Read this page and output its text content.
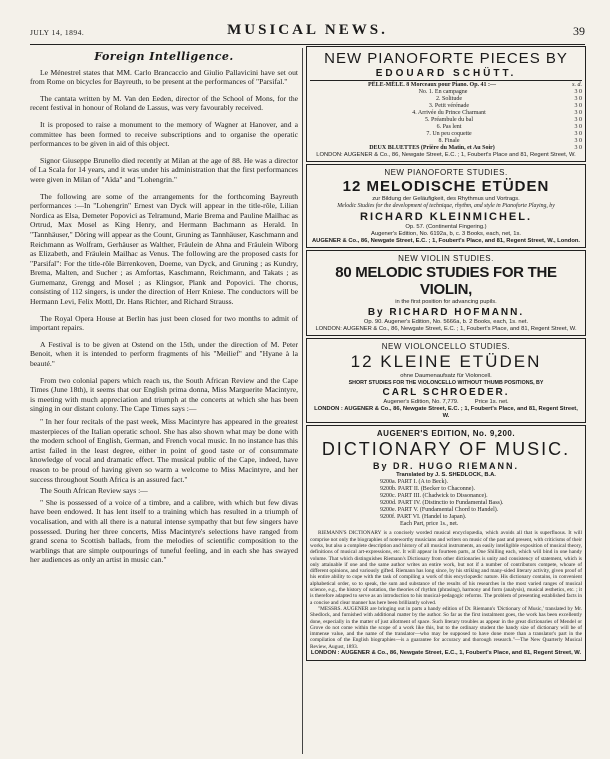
JULY 14, 1894.	MUSICAL NEWS.	39
Foreign Intelligence.

Le Ménestrel states that MM. Carlo Brancaccio and Giulio Pallavicini have set out from Rome on bicycles for Bayreuth, to be present at the performances of "Parsifal."

The cantata written by M. Van den Eeden, director of the School of Mons, for the recent festival in honour of Roland de Lassus, was very favourably received.

It is proposed to raise a monument to the memory of Wagner at Hanover, and a committee has been formed to receive subscriptions and to organise the operatic performances to be given in aid of this object.

Signor Giuseppe Brunello died recently at Milan at the age of 88. He was a director of La Scala for 14 years, and it was under his administration that the first performances were given in Milan of "Aïda" and "Lohengrin."

The following are some of the arrangements for the forthcoming Bayreuth performances :—In "Lohengrin" Ernest van Dyck will appear in the title-rôle, Lilian Nordica as Elsa, Demeter Popovici as Telramund, Marie Brema and Pauline Mailhac as Ortrud, Max Mosel as King Henry, and Hermann Bachmann as Herald. In "Tannhäuser," Döring will appear as the Count, Gruning as Tannhäuser, Kaschmann and Reichmann as Wolfram, Gerhäuser as Walther, Fräulein de Ahna and Fräulein Wiborg as Elizabeth, and Fräulein Mailhac as Venus. The following are the proposed casts for "Parsifal": For the title-rôle Birrenkoven, Doeme, van Dyck, and Gruning ; as Kundry, Brema, Malten, and Sucher ; as Amfortas, Kaschmann, Reichmann, and Takats ; as Gurnemanz, Grengg and Mosel ; as Klingsor, Plank and Popovici. The chorus, consisting of 112 singers, is under the direction of Herr Kniese. The conductors will be Hermann Levi, Felix Mottl, Dr. Hans Richter, and Richard Strauss.

The Royal Opera House at Berlin has just been closed for two months to admit of important repairs.

A Festival is to be given at Ostend on the 15th, under the direction of M. Peter Benoit, when it is intended to perform fragments of his "Meilief" and "Hyane à la beauté."

From two colonial papers which reach us, the South African Review and the Cape Times (June 18th), it seems that our English prima donna, Miss Marguerite Macintyre, is meeting with much appreciation and triumph at the concerts at which she has been singing in our distant colony. The Cape Times says :—

" In her four recitals of the past week, Miss Macintyre has appeared in the greatest masterpieces of the Italian operatic school. She has also shown what may be done with the modern school of English, German, and French vocal music. In no instance has this artist failed in the least degree, either in point of good taste or of consummate knowledge of vocal and dramatic effect. The musical public of the Cape, indeed, have reason to be proud of having given so warm a welcome to Miss Macintyre, and her success throughout South Africa is an assured fact."

The South African Review says :—

" She is possessed of a voice of a timbre, and a calibre, with which but few divas have been endowed. It has lent itself to a training which has resulted in a triumph of vocalisation, and with all there is a natural intense sympathy that but few singers have possessed. During her three concerts, Miss Macintyre's selections have ranged from grand scena to Scottish ballads, from the melodies of scientific composition to the warblings that are simple outpourings of tuneful feeling, and in each she has swayed her audiences as only an artist in music can."

NEW PIANOFORTE PIECES BY
EDOUARD SCHÜTT.
PÊLE-MÊLE. 8 Morceaux pour Piano. Op. 41 :—	s. d.
No. 1. En campagne	3 0
2. Solitude	3 0
3. Petit vérénade	3 0
4. Arrivée du Prince Charmant	3 0
5. Préambule du bal	3 0
6. Pas lent	3 0
7. Un peu coquette	3 0
8. Finale	3 0
DEUX BLUETTES (Prière du Matin, et Au Soir)	3 0
LONDON: AUGENER & Co., 86, Newgate Street, E.C. ; 1, Foubert's Place and 81, Regent Street, W.
NEW PIANOFORTE STUDIES.
12 MELODISCHE ETÜDEN
zur Bildung der Geläufigkeit, des Rhythmus und Vortrags.
Melodic Studies for the development of technique, rhythm, and style in Pianoforte Playing, by
RICHARD KLEINMICHEL.
Op. 57. (Continental Fingering.)
Augener's Edition, No. 6192a, b, c. 3 Books, each, net, 1s.
AUGENER & Co., 86, Newgate Street, E.C. ; 1, Foubert's Place, and 81, Regent Street, W., London.
NEW VIOLIN STUDIES.
80 MELODIC STUDIES FOR THE VIOLIN,
in the first position for advancing pupils.
By RICHARD HOFMANN.
Op. 90. Augener's Edition, No. 5666a, b. 2 Books, each, 1s. net.
LONDON: AUGENER & Co., 86, Newgate Street, E.C. ; 1, Foubert's Place, and 81, Regent Street, W.
NEW VIOLONCELLO STUDIES.
12 KLEINE ETÜDEN
ohne Daumenaufsatz für Violoncell.
SHORT STUDIES FOR THE VIOLONCELLO WITHOUT THUMB POSITIONS, BY
CARL SCHROEDER.
Augener's Edition, No. 7,779.          Price 1s. net.
LONDON : AUGENER & Co., 86, Newgate Street, E.C. ; 1, Foubert's Place, and 81, Regent Street, W.
AUGENER'S EDITION, No. 9,200.
DICTIONARY OF MUSIC.
By DR. HUGO RIEMANN.
Translated by J. S. SHEDLOCK, B.A.
9200a. PART I. (A to Beck).
9200b. PART II. (Becker to Chaconne).
9200c. PART III. (Chadwick to Dissonance).
9200d. PART IV. (Distinctio to Fundamental Bass).
9200e. PART V. (Fundamental Chord to Handel).
9200f. PART VI. (Handel to Japan).
Each Part, price 1s., net.
RIEMANN'S DICTIONARY is a concisely worded musical encyclopædia, which avoids all that is superfluous. It will comprise not only the biographies of noteworthy musicians and writers on music of the past and present, with criticisms of their works, but also a complete description and history of all musical instruments, an easily intelligible exposition of musical theory, definitions of musical art-expressions, etc. It will appear in fourteen parts, at One Shilling each, which will bind in one handy volume. That which distinguishes Riemann's Dictionary from other dictionaries is unity and consistency of statement, which is only attainable if one and the same author writes an entire work, but not if a number of contributors compete, whoare of different opinions, and variously gifted. Riemann has long since, by his striking and many-sided literary activity, given proof of his entire ability to cope with the task of compiling a work of this encyclopædic nature. His dictionary contains, in convenient alphabetical order, so to speak, the sum and substance of the results of his researches in the most varied ranges of musical science, e.g., the history of notation, the theories of rhythm (phrasing), harmony and form (analysis), musical æsthetics, etc. ; it is therefore adapted to serve as an introduction to his musical-pedagogic reforms. The problem of presenting established facts in a concise and clear manner has here been brilliantly solved.
"MESSRS. AUGENER are bringing out in parts a handy edition of Dr. Riemann's 'Dictionary of Music,' translated by Mr. Shedlock, and furnished with additional matter by the author. So far as the first instalment goes, the work has been excellently done, especially in the matter of just allotment of space. Such literary troubles as appear in the great dictionaries of Mendel or Grove do not come within the scope of a work like this, but to the ordinary student the handy size of dictionary will be of immense value, and the name of the translator—who may be supposed to have done more than a translator's part in the compilation of the English biographies—is a guarantee for accuracy and thorough research."—The New Quarterly Musical Review, August, 1893.
LONDON : AUGENER & Co., 86, Newgate Street, E.C., 1, Foubert's Place, and 81, Regent Street, W.
